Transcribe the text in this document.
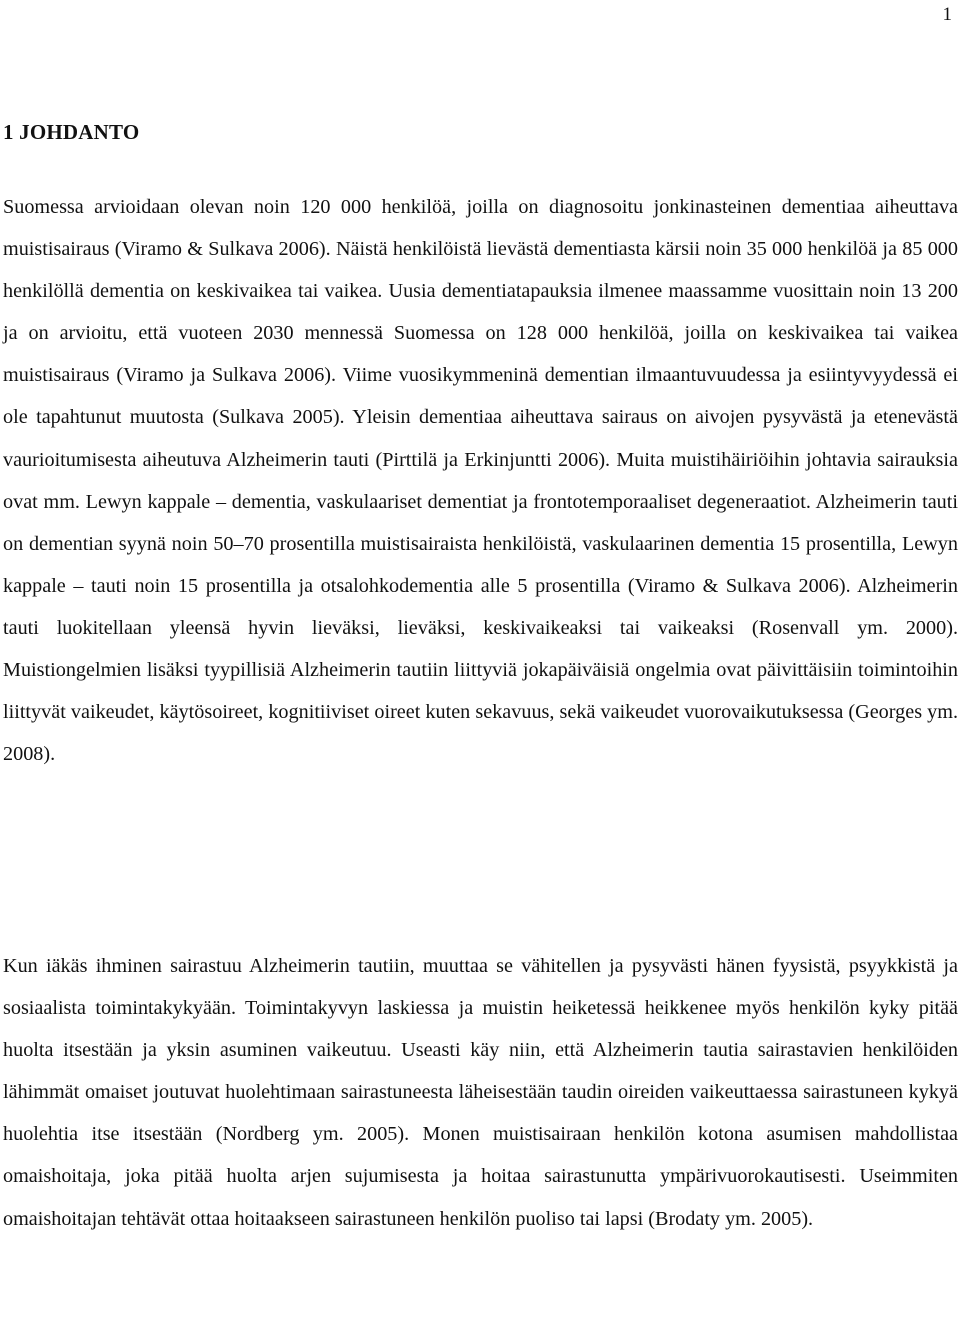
1
1 JOHDANTO

Suomessa arvioidaan olevan noin 120 000 henkilöä, joilla on diagnosoitu jonkinasteinen dementiaa aiheuttava muistisairaus (Viramo & Sulkava 2006). Näistä henkilöistä lievästä dementiasta kärsii noin 35 000 henkilöä ja 85 000 henkilöllä dementia on keskivaikea tai vaikea. Uusia dementiatapauksia ilmenee maassamme vuosittain noin 13 200 ja on arvioitu, että vuoteen 2030 mennessä Suomessa on 128 000 henkilöä, joilla on keskivaikea tai vaikea muistisairaus (Viramo ja Sulkava 2006). Viime vuosikymmeninä dementian ilmaantuvuudessa ja esiintyvyydessä ei ole tapahtunut muutosta (Sulkava 2005). Yleisin dementiaa aiheuttava sairaus on aivojen pysyvästä ja etenevästä vaurioitumisesta aiheutuva Alzheimerin tauti (Pirttilä ja Erkinjuntti 2006). Muita muistihäiriöihin johtavia sairauksia ovat mm. Lewyn kappale – dementia, vaskulaariset dementiat ja frontotemporaaliset degeneraatiot. Alzheimerin tauti on dementian syynä noin 50–70 prosentilla muistisairaista henkilöistä, vaskulaarinen dementia 15 prosentilla, Lewyn kappale – tauti noin 15 prosentilla ja otsalohkodementia alle 5 prosentilla (Viramo & Sulkava 2006). Alzheimerin tauti luokitellaan yleensä hyvin lieväksi, lieväksi, keskivaikeaksi tai vaikeaksi (Rosenvall ym. 2000). Muistiongelmien lisäksi tyypillisiä Alzheimerin tautiin liittyviä jokapäiväisiä ongelmia ovat päivittäisiin toimintoihin liittyvät vaikeudet, käytösoireet, kognitiiviset oireet kuten sekavuus, sekä vaikeudet vuorovaikutuksessa (Georges ym. 2008).

Kun iäkäs ihminen sairastuu Alzheimerin tautiin, muuttaa se vähitellen ja pysyvästi hänen fyysistä, psyykkistä ja sosiaalista toimintakykyään. Toimintakyvyn laskiessa ja muistin heiketessä heikkenee myös henkilön kyky pitää huolta itsestään ja yksin asuminen vaikeutuu. Useasti käy niin, että Alzheimerin tautia sairastavien henkilöiden lähimmät omaiset joutuvat huolehtimaan sairastuneesta läheisestään taudin oireiden vaikeuttaessa sairastuneen kykyä huolehtia itse itsestään (Nordberg ym. 2005). Monen muistisairaan henkilön kotona asumisen mahdollistaa omaishoitaja, joka pitää huolta arjen sujumisesta ja hoitaa sairastunutta ympärivuorokautisesti. Useimmiten omaishoitajan tehtävät ottaa hoitaakseen sairastuneen henkilön puoliso tai lapsi (Brodaty ym. 2005).
